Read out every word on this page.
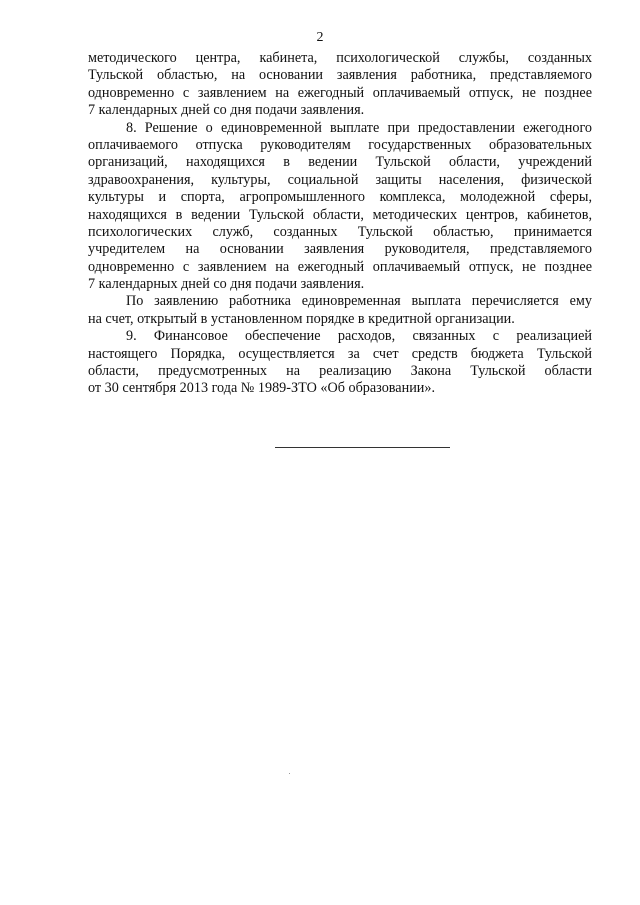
2
методического центра, кабинета, психологической службы, созданных
Тульской областью, на основании заявления работника, представляемого
одновременно с заявлением на ежегодный оплачиваемый отпуск, не позднее
7 календарных дней со дня подачи заявления.
8. Решение о единовременной выплате при предоставлении ежегодного
оплачиваемого отпуска руководителям государственных образовательных
организаций, находящихся в ведении Тульской области, учреждений
здравоохранения, культуры, социальной защиты населения, физической
культуры и спорта, агропромышленного комплекса, молодежной сферы,
находящихся в ведении Тульской области, методических центров, кабинетов,
психологических служб, созданных Тульской областью, принимается
учредителем на основании заявления руководителя, представляемого
одновременно с заявлением на ежегодный оплачиваемый отпуск, не позднее
7 календарных дней со дня подачи заявления.
По заявлению работника единовременная выплата перечисляется ему
на счет, открытый в установленном порядке в кредитной организации.
9. Финансовое обеспечение расходов, связанных с реализацией
настоящего Порядка, осуществляется за счет средств бюджета Тульской
области, предусмотренных на реализацию Закона Тульской области
от 30 сентября 2013 года № 1989-ЗТО «Об образовании».
